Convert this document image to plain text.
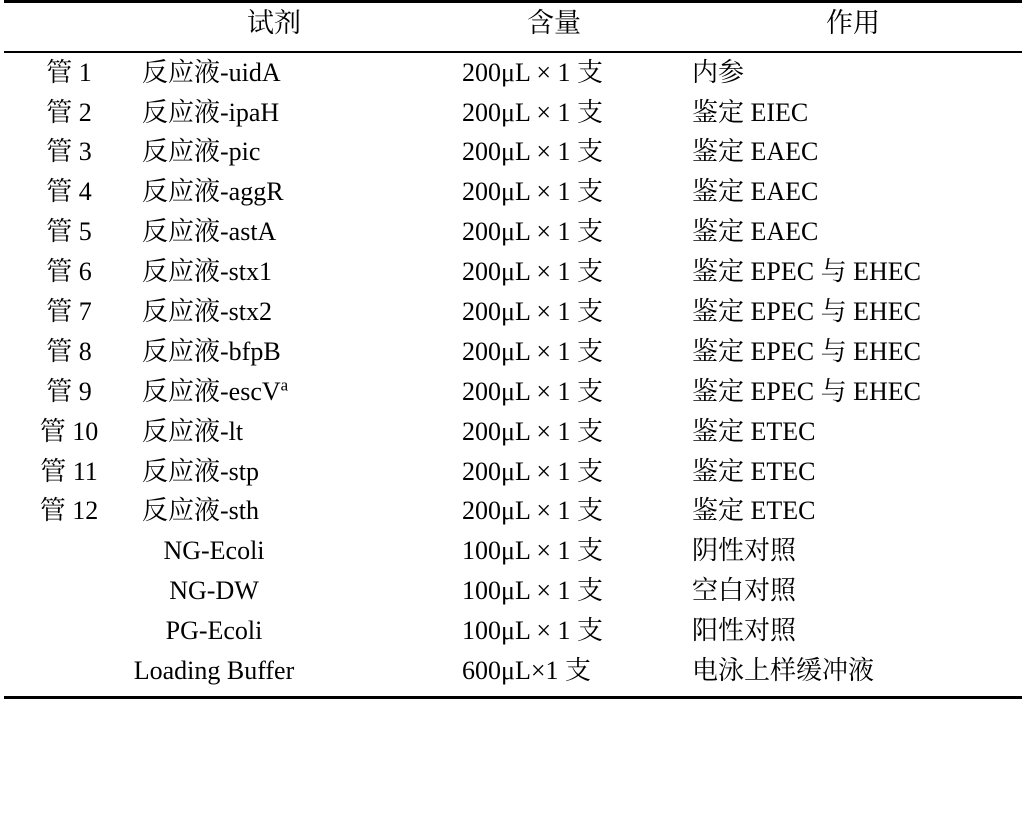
	试剂	含量	作用
管 1	反应液-uidA	200μL × 1 支	内参
管 2	反应液-ipaH	200μL × 1 支	鉴定 EIEC
管 3	反应液-pic	200μL × 1 支	鉴定 EAEC
管 4	反应液-aggR	200μL × 1 支	鉴定 EAEC
管 5	反应液-astA	200μL × 1 支	鉴定 EAEC
管 6	反应液-stx1	200μL × 1 支	鉴定 EPEC 与 EHEC
管 7	反应液-stx2	200μL × 1 支	鉴定 EPEC 与 EHEC
管 8	反应液-bfpB	200μL × 1 支	鉴定 EPEC 与 EHEC
管 9	反应液-escV$^a$	200μL × 1 支	鉴定 EPEC 与 EHEC
管 10	反应液-lt	200μL × 1 支	鉴定 ETEC
管 11	反应液-stp	200μL × 1 支	鉴定 ETEC
管 12	反应液-sth	200μL × 1 支	鉴定 ETEC
NG-Ecoli		100μL × 1 支	阴性对照
NG-DW		100μL × 1 支	空白对照
PG-Ecoli		100μL × 1 支	阳性对照
Loading Buffer		600μL×1 支	电泳上样缓冲液
